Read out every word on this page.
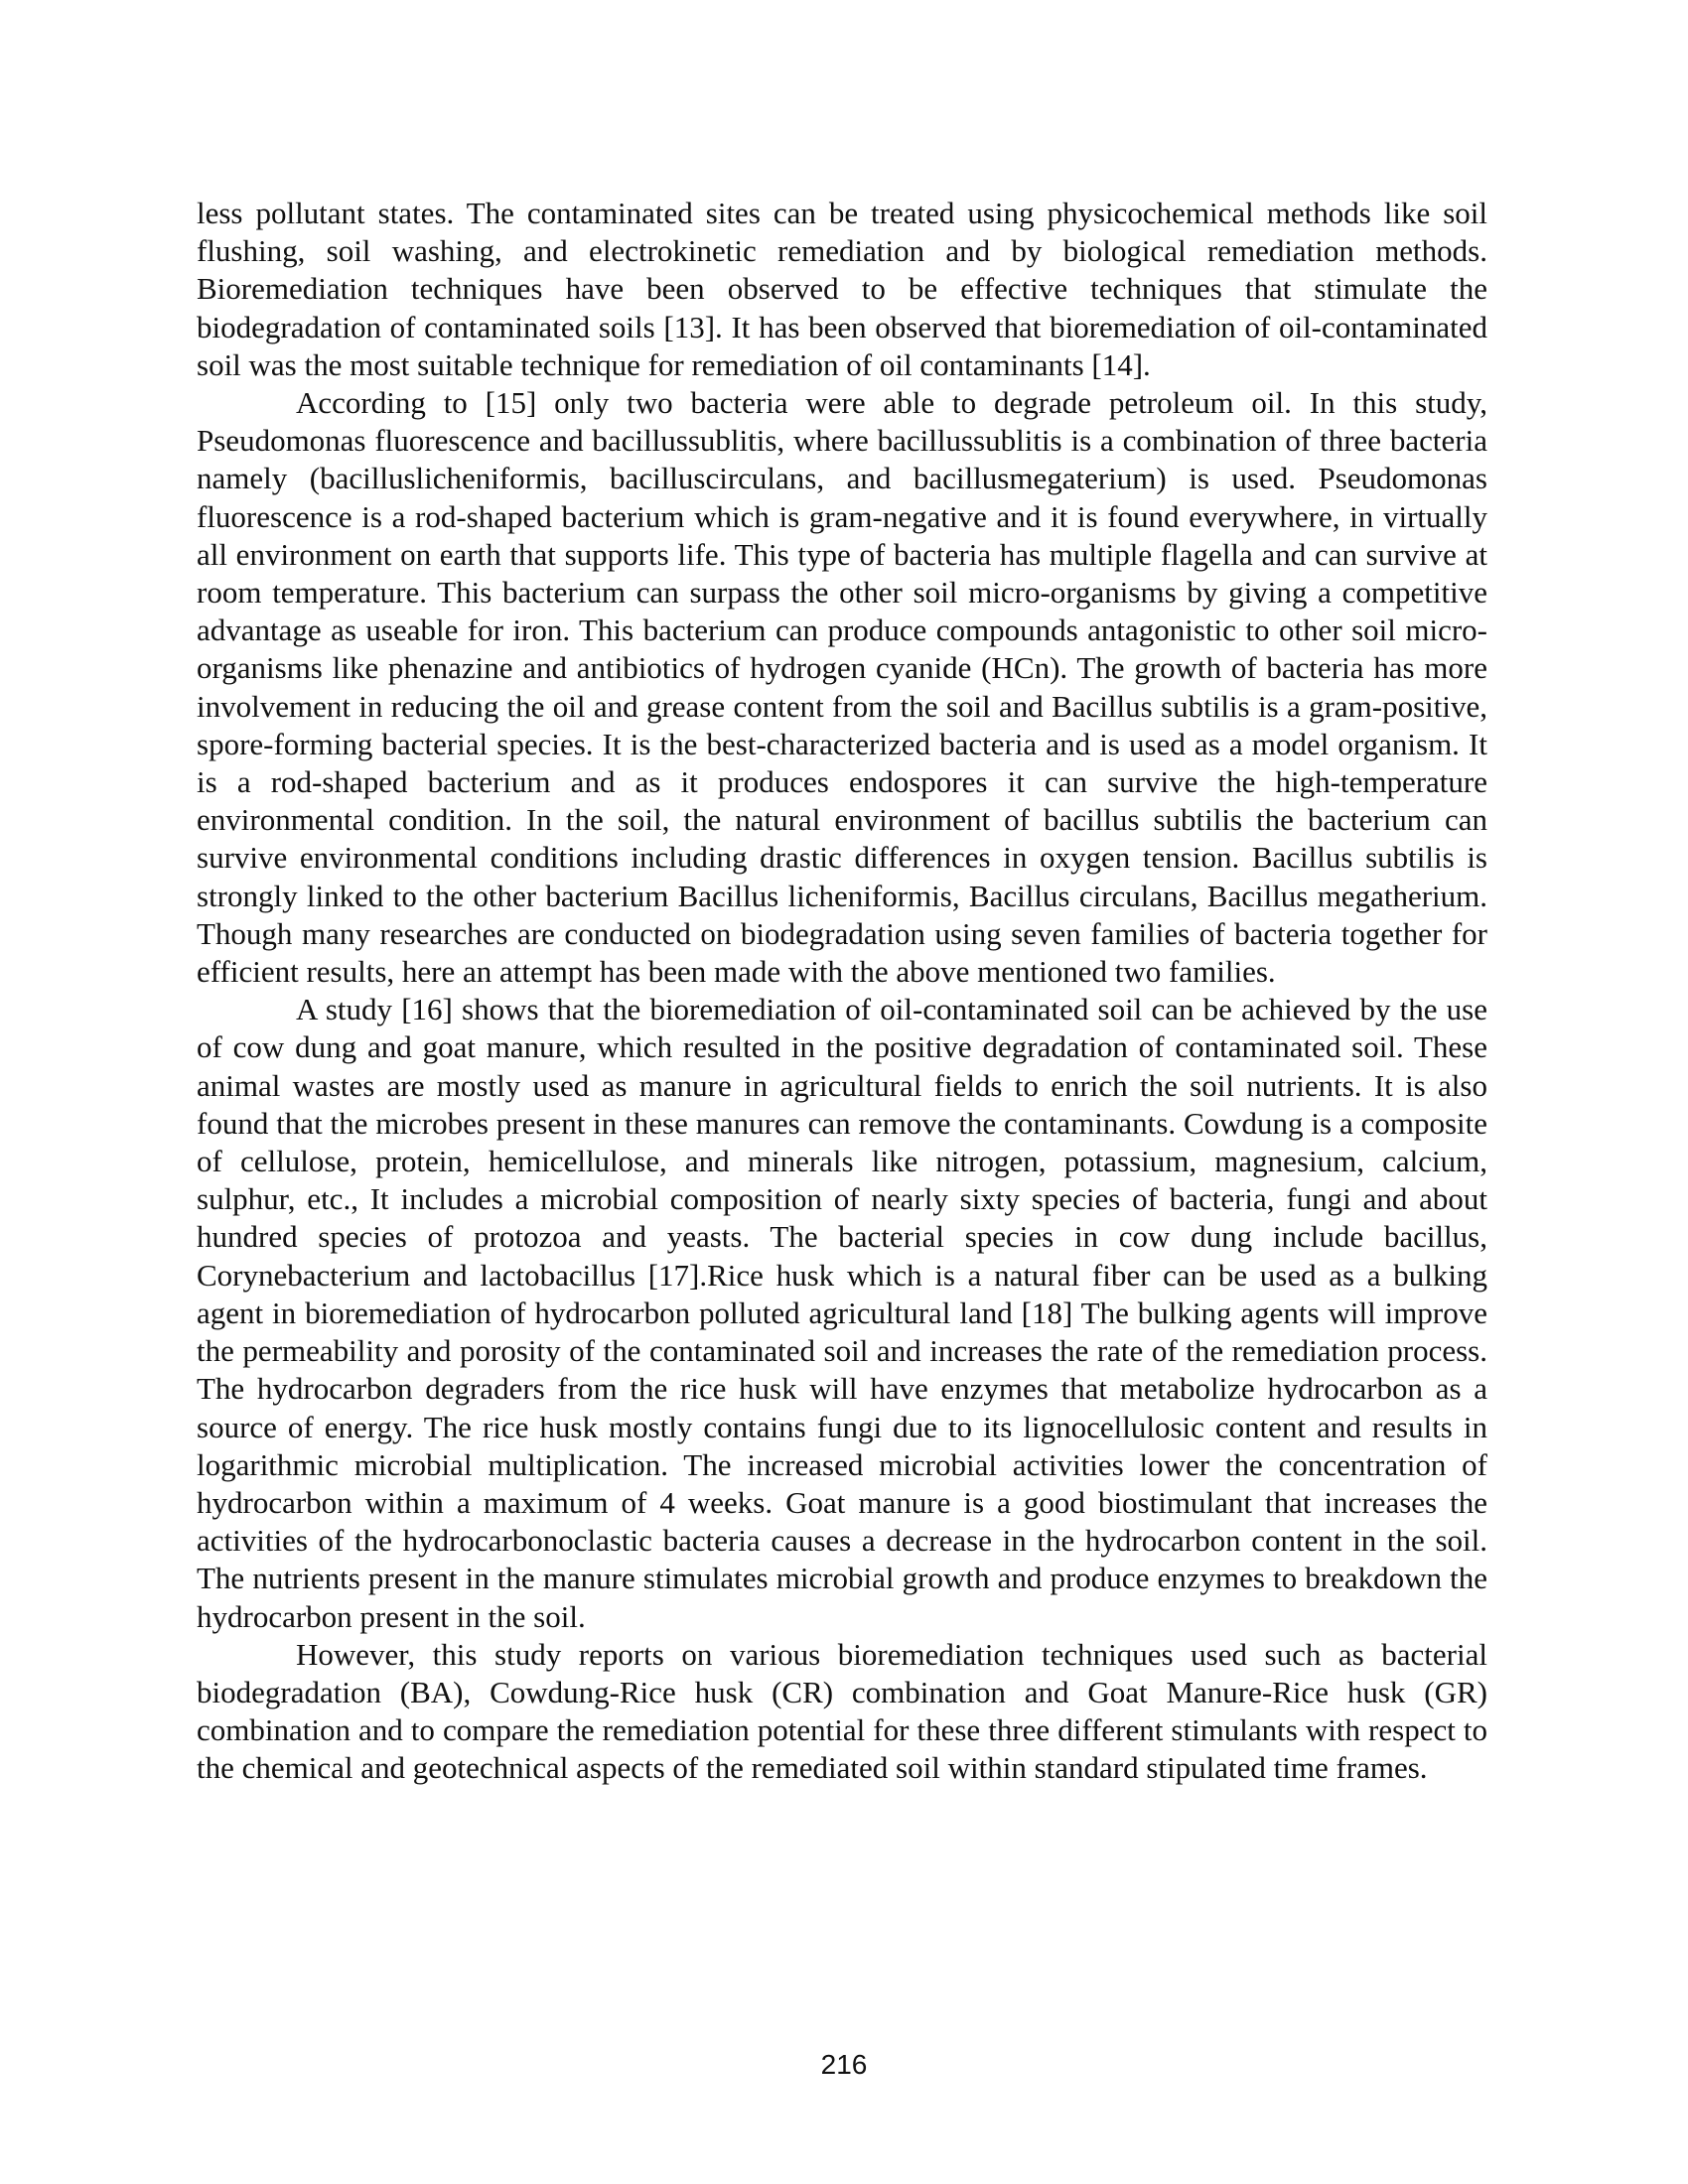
less pollutant states. The contaminated sites can be treated using physicochemical methods like soil flushing, soil washing, and electrokinetic remediation and by biological remediation methods. Bioremediation techniques have been observed to be effective techniques that stimulate the biodegradation of contaminated soils [13]. It has been observed that bioremediation of oil-contaminated soil was the most suitable technique for remediation of oil contaminants [14].

According to [15] only two bacteria were able to degrade petroleum oil. In this study, Pseudomonas fluorescence and bacillussublitis, where bacillussublitis is a combination of three bacteria namely (bacilluslicheniformis, bacilluscirculans, and bacillusmegaterium) is used. Pseudomonas fluorescence is a rod-shaped bacterium which is gram-negative and it is found everywhere, in virtually all environment on earth that supports life. This type of bacteria has multiple flagella and can survive at room temperature. This bacterium can surpass the other soil micro-organisms by giving a competitive advantage as useable for iron. This bacterium can produce compounds antagonistic to other soil micro-organisms like phenazine and antibiotics of hydrogen cyanide (HCn). The growth of bacteria has more involvement in reducing the oil and grease content from the soil and Bacillus subtilis is a gram-positive, spore-forming bacterial species. It is the best-characterized bacteria and is used as a model organism. It is a rod-shaped bacterium and as it produces endospores it can survive the high-temperature environmental condition. In the soil, the natural environment of bacillus subtilis the bacterium can survive environmental conditions including drastic differences in oxygen tension. Bacillus subtilis is strongly linked to the other bacterium Bacillus licheniformis, Bacillus circulans, Bacillus megatherium. Though many researches are conducted on biodegradation using seven families of bacteria together for efficient results, here an attempt has been made with the above mentioned two families.

A study [16] shows that the bioremediation of oil-contaminated soil can be achieved by the use of cow dung and goat manure, which resulted in the positive degradation of contaminated soil. These animal wastes are mostly used as manure in agricultural fields to enrich the soil nutrients. It is also found that the microbes present in these manures can remove the contaminants. Cowdung is a composite of cellulose, protein, hemicellulose, and minerals like nitrogen, potassium, magnesium, calcium, sulphur, etc., It includes a microbial composition of nearly sixty species of bacteria, fungi and about hundred species of protozoa and yeasts. The bacterial species in cow dung include bacillus, Corynebacterium and lactobacillus [17].Rice husk which is a natural fiber can be used as a bulking agent in bioremediation of hydrocarbon polluted agricultural land [18] The bulking agents will improve the permeability and porosity of the contaminated soil and increases the rate of the remediation process. The hydrocarbon degraders from the rice husk will have enzymes that metabolize hydrocarbon as a source of energy. The rice husk mostly contains fungi due to its lignocellulosic content and results in logarithmic microbial multiplication. The increased microbial activities lower the concentration of hydrocarbon within a maximum of 4 weeks. Goat manure is a good biostimulant that increases the activities of the hydrocarbonoclastic bacteria causes a decrease in the hydrocarbon content in the soil. The nutrients present in the manure stimulates microbial growth and produce enzymes to breakdown the hydrocarbon present in the soil.

However, this study reports on various bioremediation techniques used such as bacterial biodegradation (BA), Cowdung-Rice husk (CR) combination and Goat Manure-Rice husk (GR) combination and to compare the remediation potential for these three different stimulants with respect to the chemical and geotechnical aspects of the remediated soil within standard stipulated time frames.

216
